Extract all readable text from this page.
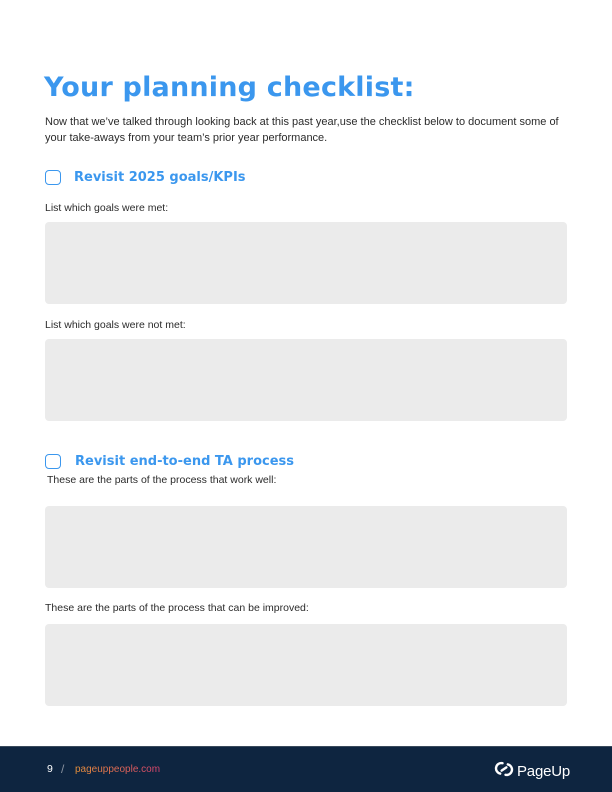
Your planning checklist:

Now that we’ve talked through looking back at this past year,use the checklist below to document some of your take-aways from your team’s prior year performance.

Revisit 2025 goals/KPIs
List which goals were met:
List which goals were not met:
Revisit end-to-end TA process
These are the parts of the process that work well:
These are the parts of the process that can be improved:
9 / pageuppeople.com	PageUp
